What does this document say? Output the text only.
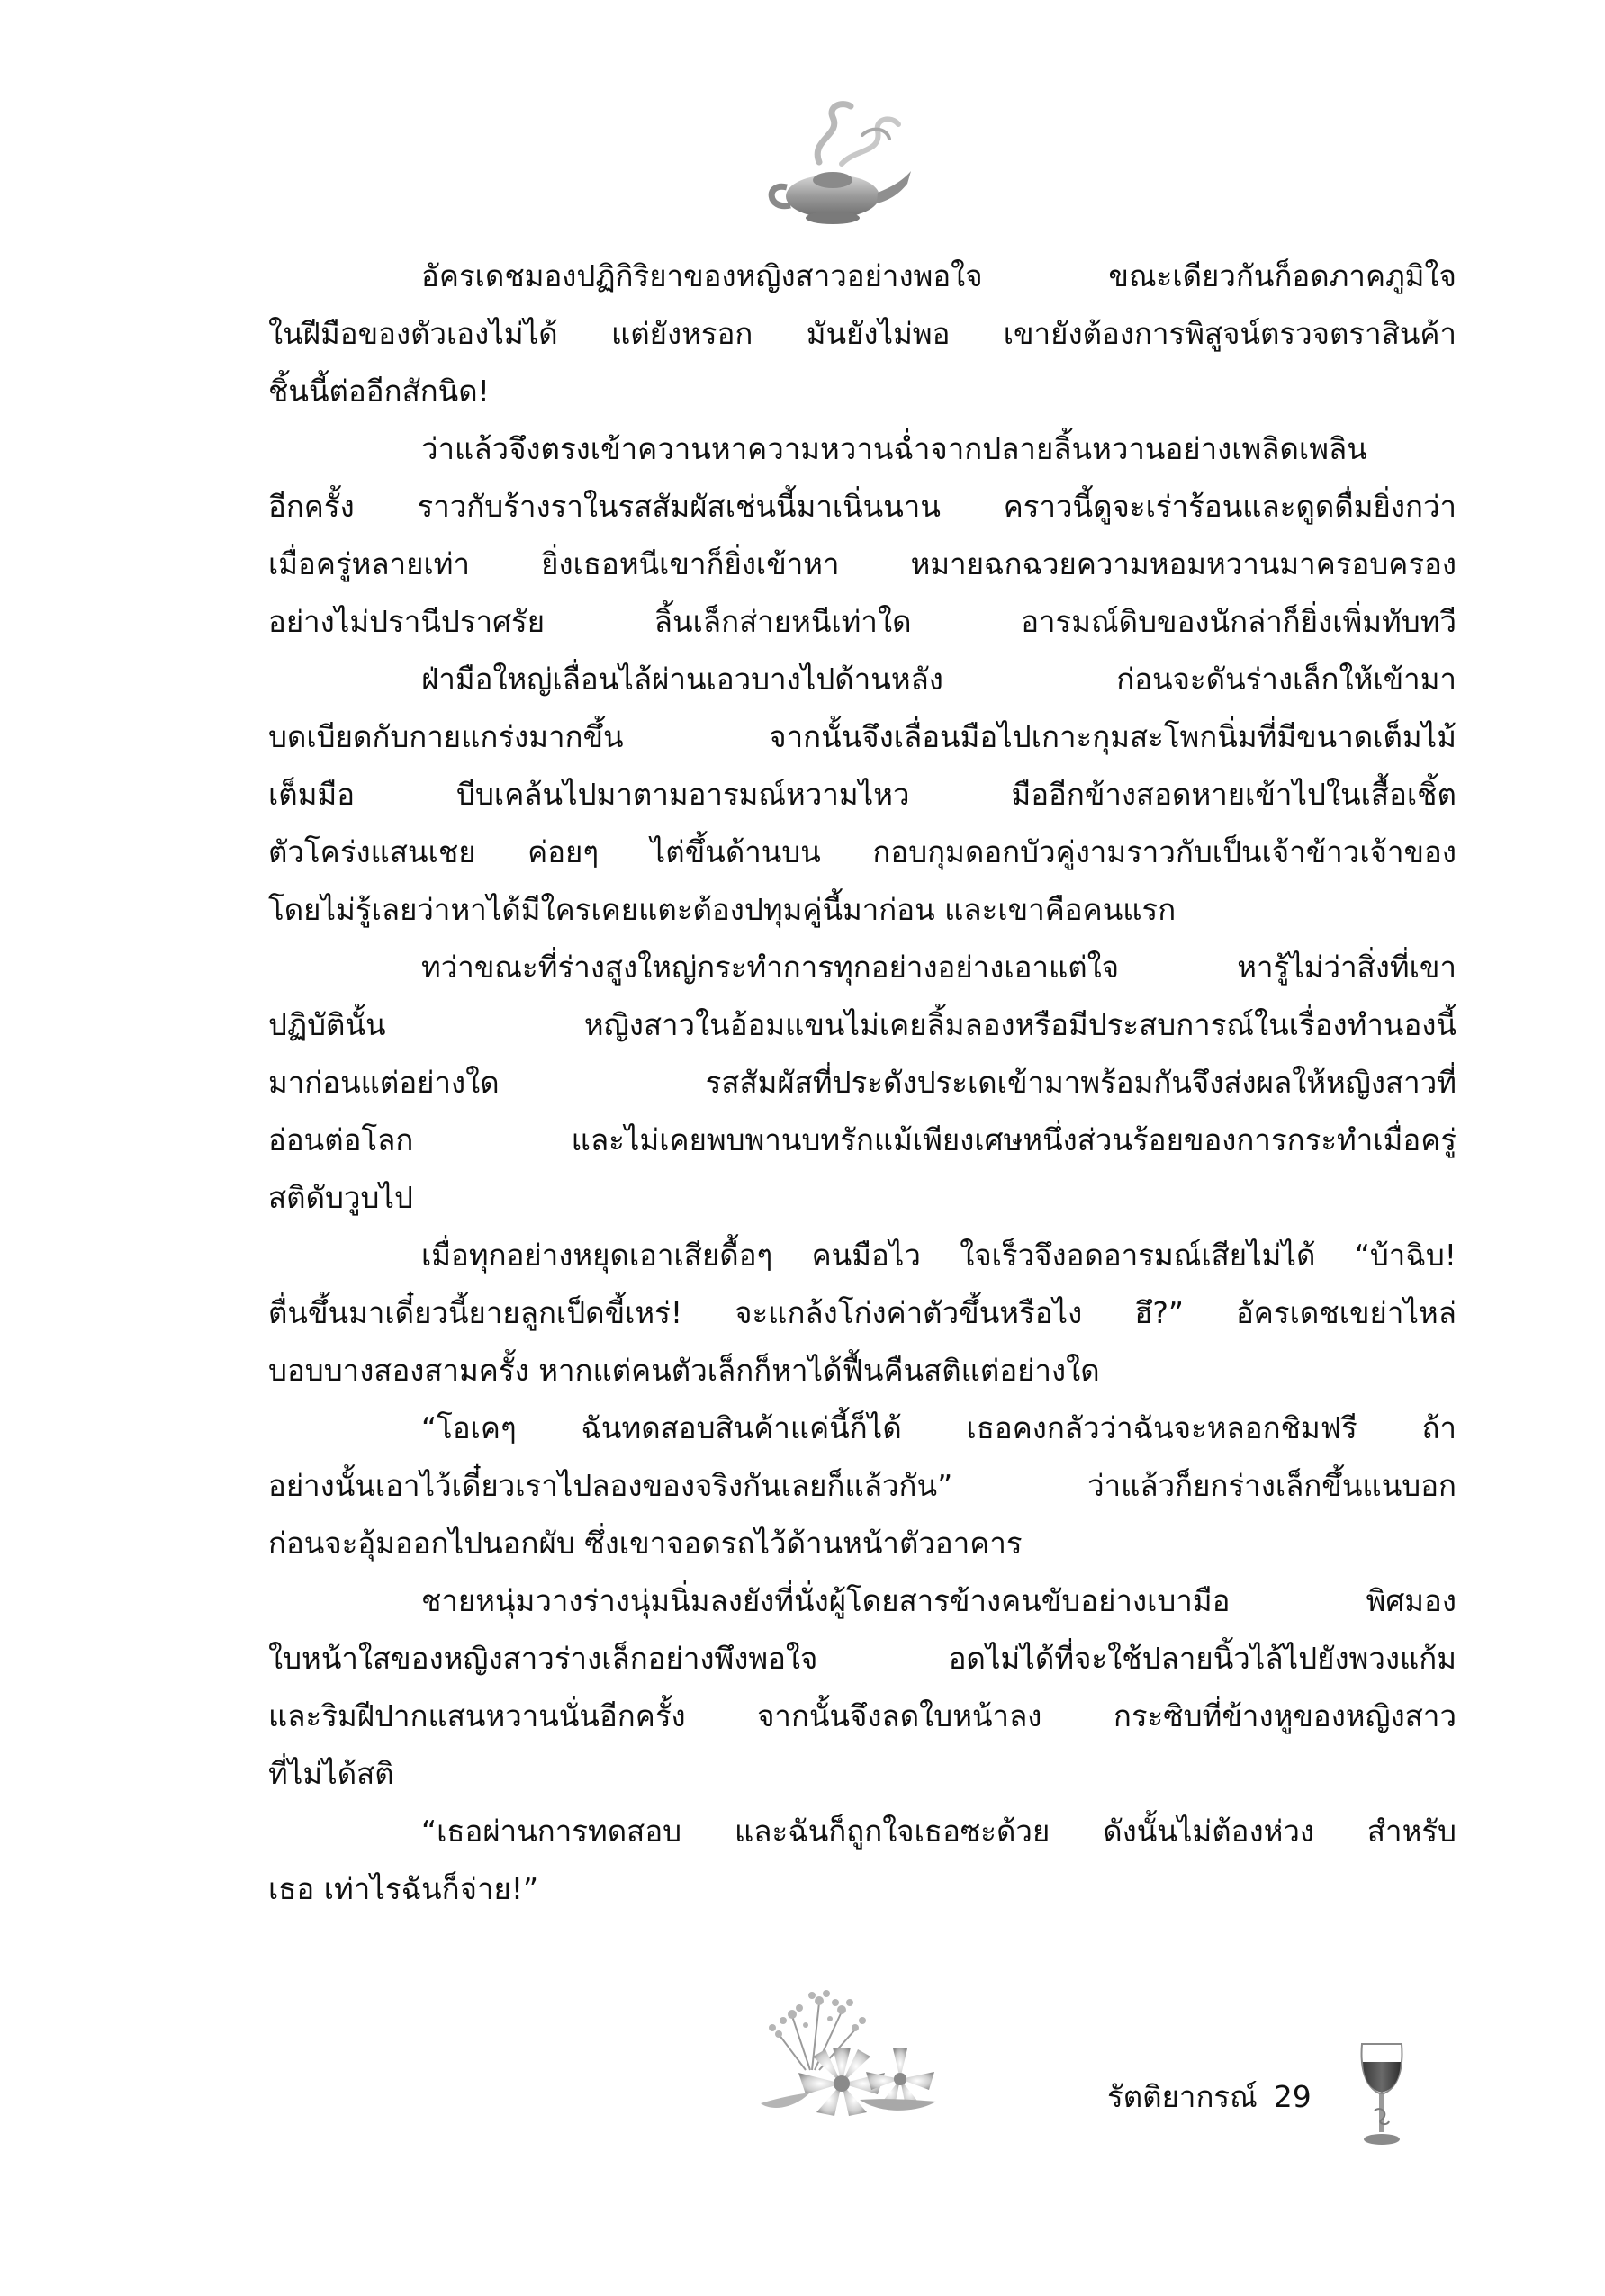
อัครเดชมองปฏิกิริยาของหญิงสาวอย่างพอใจ ขณะเดียวกันก็อดภาคภูมิใจ
ในฝีมือของตัวเองไม่ได้ แต่ยังหรอก มันยังไม่พอ เขายังต้องการพิสูจน์ตรวจตราสินค้า
ชิ้นนี้ต่ออีกสักนิด!
ว่าแล้วจึงตรงเข้าควานหาความหวานฉ่ำจากปลายลิ้นหวานอย่างเพลิดเพลิน
อีกครั้ง ราวกับร้างราในรสสัมผัสเช่นนี้มาเนิ่นนาน คราวนี้ดูจะเร่าร้อนและดูดดื่มยิ่งกว่า
เมื่อครู่หลายเท่า ยิ่งเธอหนีเขาก็ยิ่งเข้าหา หมายฉกฉวยความหอมหวานมาครอบครอง
อย่างไม่ปรานีปราศรัย ลิ้นเล็กส่ายหนีเท่าใด อารมณ์ดิบของนักล่าก็ยิ่งเพิ่มทับทวี
ฝ่ามือใหญ่เลื่อนไล้ผ่านเอวบางไปด้านหลัง ก่อนจะดันร่างเล็กให้เข้ามา
บดเบียดกับกายแกร่งมากขึ้น จากนั้นจึงเลื่อนมือไปเกาะกุมสะโพกนิ่มที่มีขนาดเต็มไม้
เต็มมือ บีบเคล้นไปมาตามอารมณ์หวามไหว มืออีกข้างสอดหายเข้าไปในเสื้อเชิ้ต
ตัวโคร่งแสนเชย ค่อยๆ ไต่ขึ้นด้านบน กอบกุมดอกบัวคู่งามราวกับเป็นเจ้าข้าวเจ้าของ
โดยไม่รู้เลยว่าหาได้มีใครเคยแตะต้องปทุมคู่นี้มาก่อน และเขาคือคนแรก
ทว่าขณะที่ร่างสูงใหญ่กระทำการทุกอย่างอย่างเอาแต่ใจ หารู้ไม่ว่าสิ่งที่เขา
ปฏิบัตินั้น หญิงสาวในอ้อมแขนไม่เคยลิ้มลองหรือมีประสบการณ์ในเรื่องทำนองนี้
มาก่อนแต่อย่างใด รสสัมผัสที่ประดังประเดเข้ามาพร้อมกันจึงส่งผลให้หญิงสาวที่
อ่อนต่อโลก และไม่เคยพบพานบทรักแม้เพียงเศษหนึ่งส่วนร้อยของการกระทำเมื่อครู่
สติดับวูบไป
เมื่อทุกอย่างหยุดเอาเสียดื้อๆ คนมือไว ใจเร็วจึงอดอารมณ์เสียไม่ได้ “บ้าฉิบ!
ตื่นขึ้นมาเดี๋ยวนี้ยายลูกเป็ดขี้เหร่! จะแกล้งโก่งค่าตัวขึ้นหรือไง ฮึ?” อัครเดชเขย่าไหล่
บอบบางสองสามครั้ง หากแต่คนตัวเล็กก็หาได้ฟื้นคืนสติแต่อย่างใด
“โอเคๆ ฉันทดสอบสินค้าแค่นี้ก็ได้ เธอคงกลัวว่าฉันจะหลอกชิมฟรี ถ้า
อย่างนั้นเอาไว้เดี๋ยวเราไปลองของจริงกันเลยก็แล้วกัน” ว่าแล้วก็ยกร่างเล็กขึ้นแนบอก
ก่อนจะอุ้มออกไปนอกผับ ซึ่งเขาจอดรถไว้ด้านหน้าตัวอาคาร
ชายหนุ่มวางร่างนุ่มนิ่มลงยังที่นั่งผู้โดยสารข้างคนขับอย่างเบามือ พิศมอง
ใบหน้าใสของหญิงสาวร่างเล็กอย่างพึงพอใจ อดไม่ได้ที่จะใช้ปลายนิ้วไล้ไปยังพวงแก้ม
และริมฝีปากแสนหวานนั่นอีกครั้ง จากนั้นจึงลดใบหน้าลง กระซิบที่ข้างหูของหญิงสาว
ที่ไม่ได้สติ
“เธอผ่านการทดสอบ และฉันก็ถูกใจเธอซะด้วย ดังนั้นไม่ต้องห่วง สำหรับ
เธอ เท่าไรฉันก็จ่าย!”
รัตติยากรณ์ 29
